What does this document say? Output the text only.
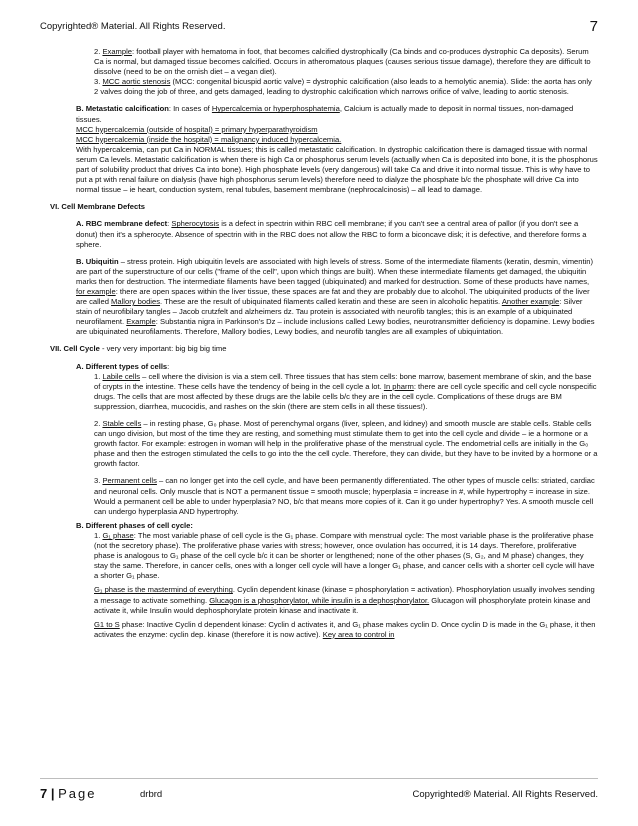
Copyrighted® Material. All Rights Reserved.	7

2. Example: football player with hematoma in foot, that becomes calcified dystrophically (Ca binds and co-produces dystrophic Ca deposits). Serum Ca is normal, but damaged tissue becomes calcified. Occurs in atheromatous plaques (causes serious tissue damage), therefore they are difficult to dissolve (need to be on the ornish diet – a vegan diet).

3. MCC aortic stenosis (MCC: congenital bicuspid aortic valve) = dystrophic calcification (also leads to a hemolytic anemia). Slide: the aorta has only 2 valves doing the job of three, and gets damaged, leading to dystrophic calcification which narrows orifice of valve, leading to aortic stenosis.

B. Metastatic calcification: In cases of Hypercalcemia or hyperphosphatemia, Calcium is actually made to deposit in normal tissues, non-damaged tissues.

MCC hypercalcemia (outside of hospital) = primary hyperparathyroidism

MCC hypercalcemia (inside the hospital) = malignancy induced hypercalcemia.

With hypercalcemia, can put Ca in NORMAL tissues; this is called metastatic calcification. In dystrophic calcification there is damaged tissue with normal serum Ca levels. Metastatic calcification is when there is high Ca or phosphorus serum levels (actually when Ca is deposited into bone, it is the phosphorus part of solubility product that drives Ca into bone). High phosphate levels (very dangerous) will take Ca and drive it into normal tissue. This is why have to put a pt with renal failure on dialysis (have high phosphorus serum levels) therefore need to dialyze the phosphate b/c the phosphate will drive Ca into normal tissue – ie heart, conduction system, renal tubules, basement membrane (nephrocalcinosis) – all lead to damage.

VI. Cell Membrane Defects

A. RBC membrane defect: Spherocytosis is a defect in spectrin within RBC cell membrane; if you can't see a central area of pallor (if you don't see a donut) then it's a spherocyte. Absence of spectrin with in the RBC does not allow the RBC to form a biconcave disk; it is defective, and therefore forms a sphere.

B. Ubiquitin – stress protein. High ubiquitin levels are associated with high levels of stress. Some of the intermediate filaments (keratin, desmin, vimentin) are part of the superstructure of our cells ("frame of the cell", upon which things are built). When these intermediate filaments get damaged, the ubiquitin marks then for destruction. The intermediate filaments have been tagged (ubiquinated) and marked for destruction. Some of these products have names, for example: there are open spaces within the liver tissue, these spaces are fat and they are probably due to alcohol. The ubiquinited products of the liver are called Mallory bodies. These are the result of ubiquinated filaments called keratin and these are seen in alcoholic hepatitis. Another example: Silver stain of neurofibilary tangles – Jacob crutzfelt and alzheimers dz. Tau protein is associated with neurofib tangles; this is an example of a ubiquinated neurofilament. Example: Substantia nigra in Parkinson's Dz – include inclusions called Lewy bodies, neurotransmitter deficiency is dopamine. Lewy bodies are ubiquinated neurofilaments. Therefore, Mallory bodies, Lewy bodies, and neurofib tangles are all examples of ubiquintation.

VII. Cell Cycle - very very important: big big big time

A. Different types of cells:

1. Labile cells – cell where the division is via a stem cell. Three tissues that has stem cells: bone marrow, basement membrane of skin, and the base of crypts in the intestine. These cells have the tendency of being in the cell cycle a lot. In pharm: there are cell cycle specific and cell cycle nonspecific drugs. The cells that are most affected by these drugs are the labile cells b/c they are in the cell cycle. Complications of these drugs are BM suppression, diarrhea, mucocidis, and rashes on the skin (there are stem cells in all these tissues!).

2. Stable cells – in resting phase, G₀ phase. Most of perenchymal organs (liver, spleen, and kidney) and smooth muscle are stable cells. Stable cells can ungo division, but most of the time they are resting, and something must stimulate them to get into the cell cycle and divide – ie a hormone or a growth factor. For example: estrogen in woman will help in the proliferative phase of the menstrual cycle. The endometrial cells are initially in the G₀ phase and then the estrogen stimulated the cells to go into the the cell cycle. Therefore, they can divide, but they have to be invited by a hormone or a growth factor.

3. Permanent cells – can no longer get into the cell cycle, and have been permanently differentiated. The other types of muscle cells: striated, cardiac and neuronal cells. Only muscle that is NOT a permanent tissue = smooth muscle; hyperplasia = increase in #, while hypertrophy = increase in size. Would a permanent cell be able to under hyperplasia? NO, b/c that means more copies of it. Can it go under hypertrophy? Yes. A smooth muscle cell can undergo hyperplasia AND hypertrophy.

B. Different phases of cell cycle:

1. G₁ phase: The most variable phase of cell cycle is the G₁ phase. Compare with menstrual cycle: The most variable phase is the proliferative phase (not the secretory phase). The proliferative phase varies with stress; however, once ovulation has occurred, it is 14 days. Therefore, proliferative phase is analogous to G₁ phase of the cell cycle b/c it can be shorter or lengthened; none of the other phases (S, G₂, and M phase) changes, they stay the same. Therefore, in cancer cells, ones with a longer cell cycle will have a longer G₁ phase, and cancer cells with a shorter cell cycle will have a shorter G₁ phase.

G₁ phase is the mastermind of everything. Cyclin dependent kinase (kinase = phosphorylation = activation). Phosphorylation usually involves sending a message to activate something. Glucagon is a phosphorylator, while insulin is a dephosphorylator. Glucagon will phosphorylate protein kinase and activate it, while Insulin would dephosphorylate protein kinase and inactivate it.

G1 to S phase: Inactive Cyclin d dependent kinase: Cyclin d activates it, and G₁ phase makes cyclin D. Once cyclin D is made in the G₁ phase, it then activates the enzyme: cyclin dep. kinase (therefore it is now active). Key area to control in

7 | Page	drbrd	Copyrighted® Material. All Rights Reserved.
